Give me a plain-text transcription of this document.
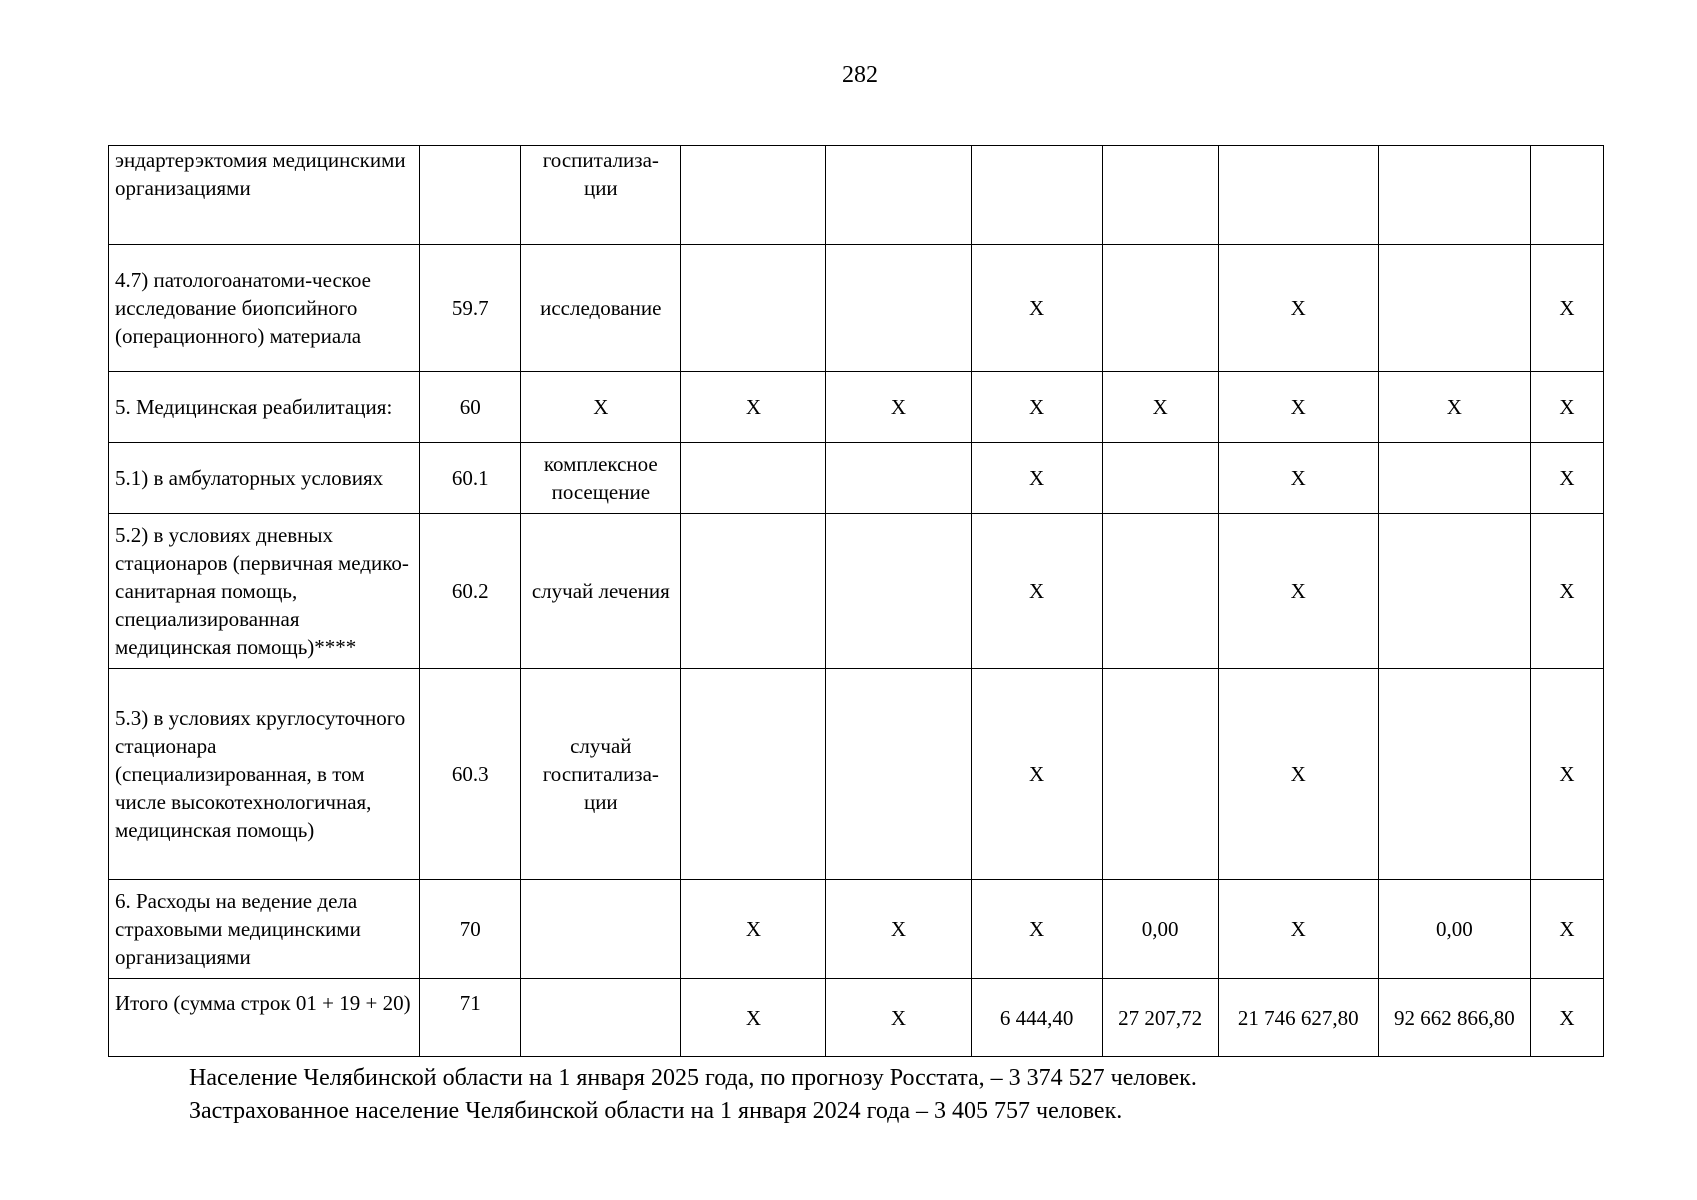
282
эндартерэктомия медицинскими организациями		госпитализа-ции							
4.7) патологоанатоми-ческое исследование биопсийного (операционного) материала	59.7	исследование			Х		Х		Х
5. Медицинская реабилитация:	60	Х	Х	Х	Х	Х	Х	Х	Х
5.1) в амбулаторных условиях	60.1	комплексное посещение			Х		Х		Х
5.2) в условиях дневных стационаров (первичная медико-санитарная помощь, специализированная медицинская помощь)****	60.2	случай лечения			Х		Х		Х
5.3) в условиях круглосуточного стационара (специализированная, в том числе высокотехнологичная, медицинская помощь)	60.3	случай госпитализа-ции			Х		Х		Х
6. Расходы на ведение дела страховыми медицинскими организациями	70		Х	Х	Х	0,00	Х	0,00	Х
Итого (сумма строк 01 + 19 + 20)	71		Х	Х	6 444,40	27 207,72	21 746 627,80	92 662 866,80	Х
Население Челябинской области на 1 января 2025 года, по прогнозу Росстата, – 3 374 527 человек.
Застрахованное население Челябинской области на 1 января 2024 года – 3 405 757 человек.
